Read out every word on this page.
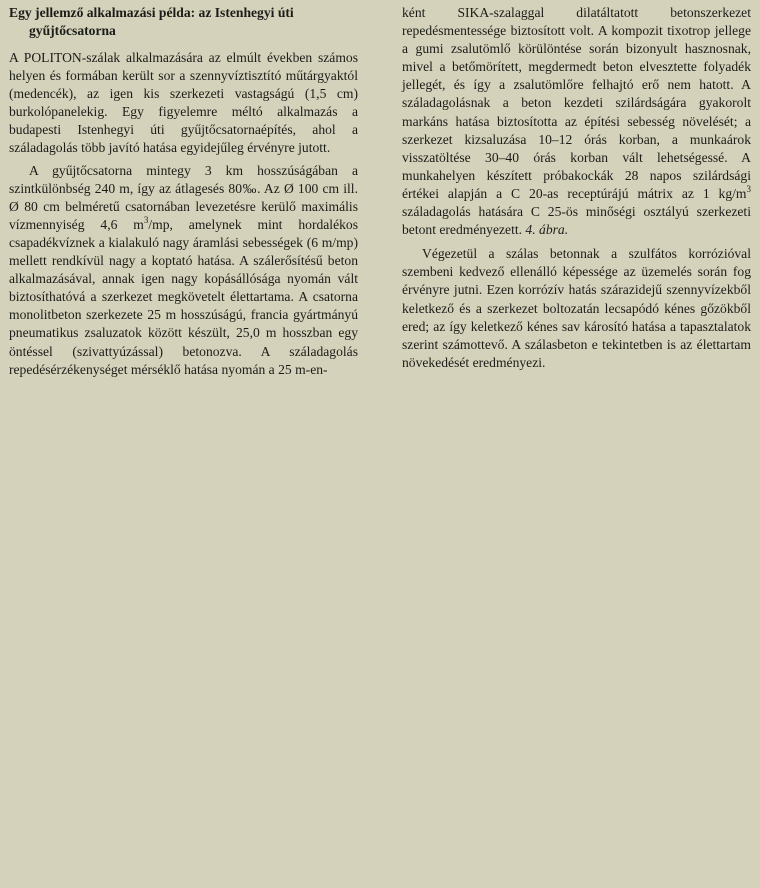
Egy jellemző alkalmazási példa: az Istenhegyi úti
gyűjtőcsatorna

A POLITON-szálak alkalmazására az elmúlt években számos helyen és formában került sor a szennyvíztisztító műtárgyaktól (medencék), az igen kis szerkezeti vastagságú (1,5 cm) burkolópanelekig. Egy figyelemre méltó alkalmazás a budapesti Istenhegyi úti gyűjtőcsatornaépítés, ahol a száladagolás több javító hatása egyidejűleg érvényre jutott.

A gyűjtőcsatorna mintegy 3 km hosszúságában a szintkülönbség 240 m, így az átlagesés 80‰. Az Ø 100 cm ill. Ø 80 cm belméretű csatornában levezetésre kerülő maximális vízmennyiség 4,6 $m^3/mp$, amelynek mint hordalékos csapadékvíznek a kialakuló nagy áramlási sebességek (6 m/mp) mellett rendkívül nagy a koptató hatása. A szálerősítésű beton alkalmazásával, annak igen nagy kopásállósága nyomán vált biztosíthatóvá a szerkezet megkövetelt élettartama. A csatorna monolitbeton szerkezete 25 m hosszúságú, francia gyártmányú pneumatikus zsaluzatok között készült, 25,0 m hosszban egy öntéssel (szivattyúzással) betonozva. A száladagolás repedésérzékenységet mérséklő hatása nyomán a 25 m-en-

ként SIKA-szalaggal dilatáltatott betonszerkezet repedésmentessége biztosított volt. A kompozit tixotrop jellege a gumi zsalutömlő körülöntése során bizonyult hasznosnak, mivel a betőmörített, megdermedt beton elvesztette folyadék jellegét, és így a zsalutömlőre felhajtó erő nem hatott. A száladagolásnak a beton kezdeti szilárdságára gyakorolt markáns hatása biztosította az építési sebesség növelését; a szerkezet kizsaluzása 10–12 órás korban, a munkaárok visszatöltése 30–40 órás korban vált lehetségessé. A munkahelyen készített próbakockák 28 napos szilárdsági értékei alapján a C 20-as receptúrájú mátrix az 1 $kg/m^3$ száladagolás hatására C 25-ös minőségi osztályú szerkezeti betont eredményezett. 4. ábra.

Végezetül a szálas betonnak a szulfátos korrózióval szembeni kedvező ellenálló képessége az üzemelés során fog érvényre jutni. Ezen korrózív hatás szárazidejű szennyvízekből keletkező és a szerkezet boltozatán lecsapódó kénes gőzökből ered; az így keletkező kénes sav károsító hatása a tapasztalatok szerint számottevő. A szálasbeton e tekintetben is az élettartam növekedését eredményezi.
